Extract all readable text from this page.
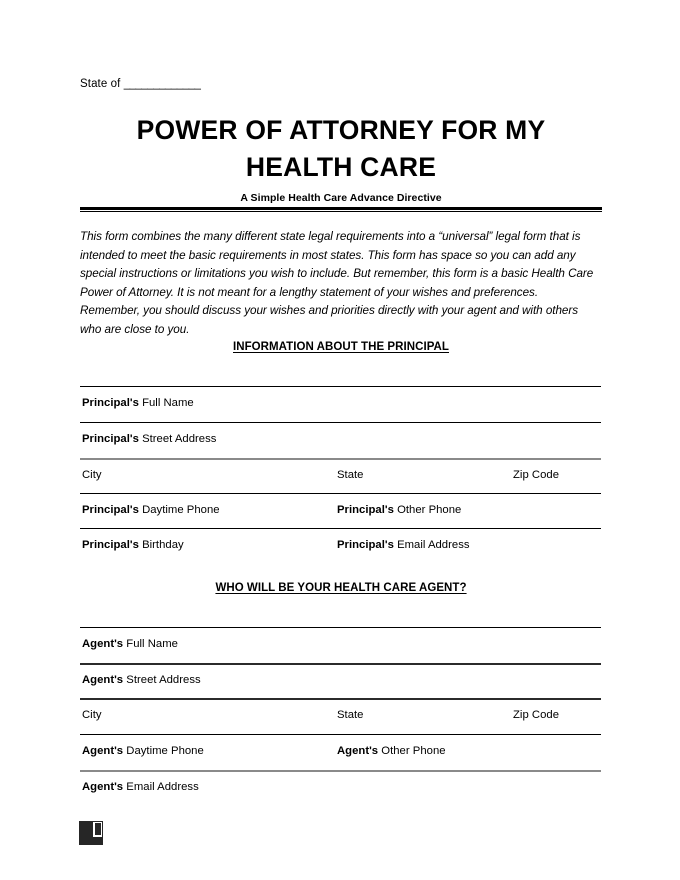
State of _____________
POWER OF ATTORNEY FOR MY HEALTH CARE

A Simple Health Care Advance Directive

This form combines the many different state legal requirements into a “universal” legal form that is intended to meet the basic requirements in most states. This form has space so you can add any special instructions or limitations you wish to include. But remember, this form is a basic Health Care Power of Attorney. It is not meant for a lengthy statement of your wishes and preferences. Remember, you should discuss your wishes and priorities directly with your agent and with others who are close to you.
INFORMATION ABOUT THE PRINCIPAL
WHO WILL BE YOUR HEALTH CARE AGENT?
Principal's Full Name
Principal's Street Address
City	State	Zip Code
Principal's Daytime Phone	Principal's Other Phone
Principal's Birthday	Principal's Email Address
Agent's Full Name
Agent's Street Address
City	State	Zip Code
Agent's Daytime Phone	Agent's Other Phone
Agent's Email Address
